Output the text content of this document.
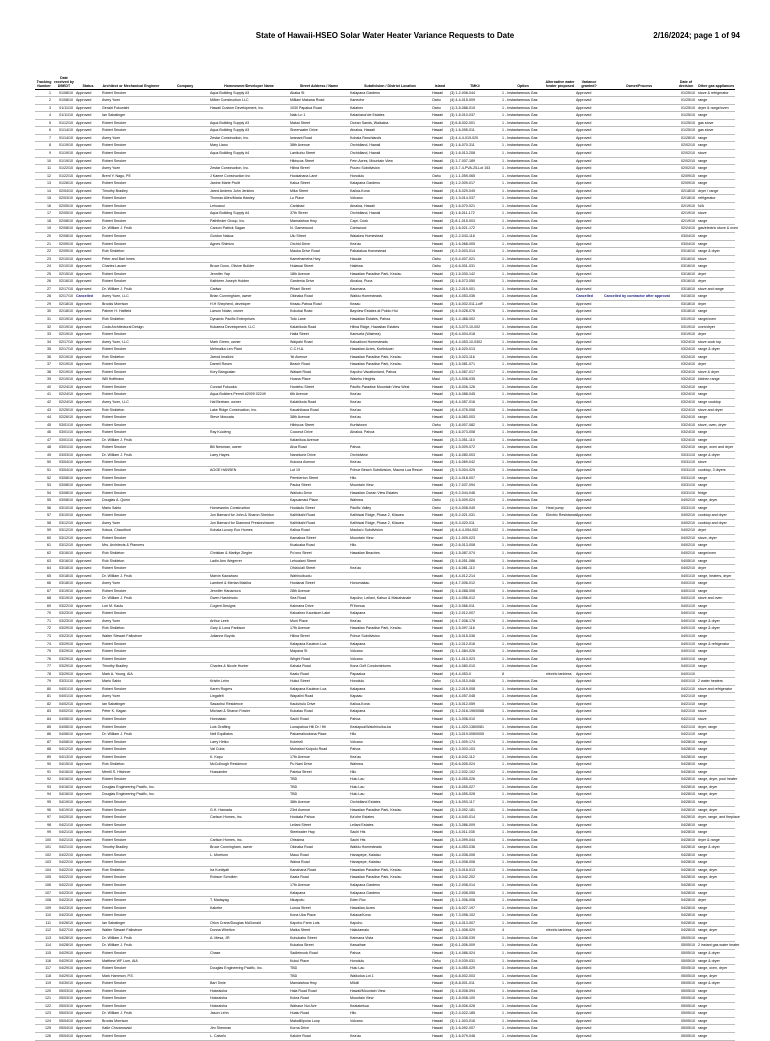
State of Hawaii-HSEO Solar Water Heater Variance Requests to Date	2/16/2024; page 1 of 94
Tracking Number	Date received by DBEDT	Status	Architect or Mechanical Engineer	Company	Homeowner/Developer Name	Street Address / Name	Subdivision / District Location	Island	TMK#	Option	Alternative water heater proposed	Variance granted?	Owner/Process	Date of decision	Other gas appliances
1	01/08/10	Approved	Robert Smoker		Aqua Building Supply #3	Akaka St	Kalapana Gardens	Hawaii	(3) 1-2-008-044	1 - Instantaneous Gas		Approved		01/25/10	stove & refrigerator
2	01/08/10	Approved	Avery Yuen		Milber Construction LLC	Mililani Makana Road	Kaneohe	Oahu	(4) 4-4-015-009	1 - Instantaneous Gas		Approved		01/25/10	range
3	01/11/10	Approved	Gerald Fukunishi		Hawaii Custom Development, Inc.	1030 Papalua Road	Kalaheo	Oahu	(1) 3-5-088-019	1 - Instantaneous Gas		Approved		01/25/10	dryer & range/oven
4	01/11/10	Approved	Ian Sabatinger			Nalu Ln 1	Kalaniana'ole Estates	Hawaii	(3) 1-5-010-037	1 - Instantaneous Gas		Approved		01/25/10	range
5	01/12/10	Approved	Robert Smoker		Aqua Building Supply #3	Makai Street	Ocean Sands, Waikaloa	Hawaii	(3) 6-8-002-001	1 - Instantaneous Gas		Approved		01/25/10	gas stove
6	01/14/10	Approved	Robert Smoker		Aqua Building Supply #3	Sheerwater Drive	Ainaloa, Hawaii	Hawaii	(3) 1-6-095-011	1 - Instantaneous Gas		Approved		01/25/10	gas stove
7	01/14/10	Approved	Avery Yuen		Zestar Construction, Inc.	Iwanani Road	Kohala Ranchlands	Hawaii	(3) 4-4-4-019-020	1 - Instantaneous Gas		Approved		01/28/10	range
8	01/19/10	Approved	Robert Smoker		Mary Llano	38th Avenue	Orchidland, Hawaii	Hawaii	(3) 1-6-070-311	1 - Instantaneous Gas		Approved		02/02/10	range
9	01/19/10	Approved	Robert Smoker		Aqua Building Supply #4	Lanikuhu Street	Orchidland, Hawaii	Hawaii	(3) 1-6-013-208	1 - Instantaneous Gas		Approved		02/02/10	stove
10	01/19/10	Approved	Robert Smoker			Hibiscus Street	Fern Acres, Mountain View	Hawaii	(3) 1-7-007-189	1 - Instantaneous Gas		Approved		02/02/10	range
11	01/22/10	Approved	Avery Yuen		Zestar Construction, Inc.	Hilina Street	Puueo Subdivision	Hawaii	(4) 3-7-4-PVA-25-Lot 153	1 - Instantaneous Gas		Approved		02/02/10	range
12	01/22/10	Approved	Brent Y. Nago, PE		J Kaene Construction Inc	Hookahana Lane	Honolulu	Oahu	(1) 1-1-059-065	1 - Instantaneous Gas		Approved		02/09/10	range
13	01/26/10	Approved	Robert Smoker		Janine Marie Pruitt	Kalua Street	Kalapana Gardens	Hawaii	(3) 1-2-009-017	1 - Instantaneous Gas		Approved		02/09/10	range
14	02/04/10	Approved	Timothy Bradley		Jared Andrew John Jenkins	Mika Street	Kailua-Kona	Hawaii	(3) 4-5-029-049	1 - Instantaneous Gas		Approved		02/18/10	dryer / range
15	02/03/10	Approved	Robert Smoker		Thomas Allen/Maria Hawley	Lu Place	Volcano	Hawaii	(3) 1-9-014-037	1 - Instantaneous Gas		Approved		02/18/10	refrigerator
16	02/05/10	Approved	Robert Smoker		Lehuanui	Carlsbad	Ainaloa, Hawaii	Hawaii	(3) 1-6-070-021	1 - Instantaneous Gas		Approved		02/19/10	N/A
17	02/05/10	Approved	Robert Smoker		Aqua Building Supply #4	37th Street	Orchidland, Hawaii	Hawaii	(3) 1-6-011-172	1 - Instantaneous Gas		Approved		02/19/10	stove
18	02/08/10	Approved	Robert Smoker		Pathfinder Group, Inc.	Mamalahoa Hwy	Capt. Cook	Hawaii	(3) 8-1-015-003	1 - Instantaneous Gas		Approved		02/19/10	range
19	02/08/10	Approved	Dr. William J. Fruik		Carson Patrick Sagan	N. Gamewood	Carnwood	Hawaii	(3) 1-6-021-172	1 - Instantaneous Gas		Approved		02/24/10	gas/electric stove & oven
20	02/08/10	Approved	Robert Smoker		Gordon Nakoa	Ulu Street	Waiakea Homestead	Hawaii	(3) 2-2-043-118	1 - Instantaneous Gas		Approved		03/04/10	range
21	02/09/10	Approved	Robert Smoker		Agnes Shimizu	Orchid Drive	Kea'au	Hawaii	(3) 1-6-068-005	1 - Instantaneous Gas		Approved		03/04/10	range
22	02/09/10	Approved	Rob Sinkleton			Mauka Drive Road	Pakalakua Homestead	Hawaii	(3) 2-5-003-014	1 - Instantaneous Gas		Approved		03/16/10	range & dryer
23	02/10/10	Approved	Peter and Bari Innes			Kamehameha Hwy	Hauula	Oahu	(1) 5-4-007-021	1 - Instantaneous Gas		Approved		03/16/10	stove
24	02/10/10	Approved	Charles Lauser		Bruce Dunn, Olivine Builder	Hulawai Street	Haleiwa	Oahu	(1) 6-6-001-031	1 - Instantaneous Gas		Approved		03/16/10	range
25	02/15/10	Approved	Robert Smoker		Jennifer Yap	18th Avenue	Hawaiian Paradise Park, Kea'au	Hawaii	(3) 1-5-030-142	1 - Instantaneous Gas		Approved		03/16/10	dryer
26	02/16/10	Approved	Robert Smoker		Kathleen Joseph Holden	Gardenia Drive	Ainaloa, Puna	Hawaii	(3) 1-6-073-050	1 - Instantaneous Gas		Approved		03/16/10	dryer
27	02/17/10	Approved	Dr. William J. Fruik		Cadwo	Pihani Street	Kaumana	Hawaii	(3) 1-2-019-001	1 - Instantaneous Gas		Approved		03/18/10	stove and range
28	02/17/10	Cancelled	Avery Yuen, LLC		Brian Cunningham, owner	Okinaka Road	Waikiu Homesteads	Hawaii	(4) 4-4-053-036	1 - Instantaneous Gas		Cancelled	Cancelled by contractor after approval	04/16/10	range
29	02/18/10	Approved	Brooks Morrison		H.H Shepherd, developer	Keaau-Pahoa Road	Keaau	Hawaii	(3) 1-6-002-011-LotF	1 - Instantaneous Gas		Approved		03/18/10	dryer
30	02/18/10	Approved	Palmer H. Hatfield		Larson Nolan, owner	Kokokai Road	Bayview Estates at Pololu Hui	Hawaii	(4) 4-9-028-076	1 - Instantaneous Gas		Approved		03/18/10	range
31	02/19/10	Approved	Rob Sinkleton		Dynamic Pacific Enterprises	Toto Lane	Hawaiian Estates, Pahoa	Hawaii	(3) 1-4-468-002	1 - Instantaneous Gas		Approved		03/19/10	range/oven
32	02/19/10	Approved	Coda Architectural Design		Kukaena Development, LLC	Kalahikola Road	Hilina Ridge, Hawaiian Estates	Hawaii	(4) 3-3-070-10-002	1 - Instantaneous Gas		Approved		03/19/10	oven/dryer
33	02/19/10	Approved	Robert Smoker			Halia Street	Kamuela (Waimea)	Hawaii	(3) 6-4-004-018	1 - Instantaneous Gas		Approved		03/19/10	dryer
34	02/17/10	Approved	Avery Yuen, LLC		Mark Green, owner	Waipahi Road	Kaloaikoni Homesteads	Hawaii	(4) 4-4-053-10-0302	1 - Instantaneous Gas		Approved		03/24/10	stove cook top
35	02/17/10	Approved	Robert Smoker		Mehealka Len Plant	C.C.H.A.	Hawaiian Acres, Kurtistown	Hawaii	(3) 1-6-020-013	1 - Instantaneous Gas		Approved		03/24/10	range & dryer
36	02/19/10	Approved	Rob Sinkleton		Jarrod Imaikini	'Iki Avenue	Hawaiian Paradise Park, Kea'au	Hawaii	(3) 1-5-023-116	1 - Instantaneous Gas		Approved		03/24/10	range
37	02/19/10	Approved	Robert Smoker		Darrell Rosen	Beach Road	Hawaiian Paradise Park, Kea'au	Hawaii	(3) 1-5-081-071	1 - Instantaneous Gas		Approved		03/24/10	dryer
38	02/19/10	Approved	Robert Smoker		Kory Bangcalan	Walawi Road	Kapoho Vacationland, Pahoa	Hawaii	(3) 1-4-087-017	1 - Instantaneous Gas		Approved		03/24/10	stove & dryer
39	02/19/10	Approved	Will Hoffmann			Hoana Place	Waiehu Heights	Maui	(2) 3-4-008-035	1 - Instantaneous Gas		Approved		03/24/10	kitchen range
40	02/24/10	Approved	Robert Smoker		Conrad Fukuoka	Hoolehu Street	Pacific Paradise Mountain View West	Hawaii	(3) 1-8-006-126	1 - Instantaneous Gas		Approved		03/24/10	range
41	02/24/10	Approved	Robert Smoker		Aqua Builders Permit #2009 02249	6th Avenue	Kea'au	Hawaii	(3) 1-6-088-045	1 - Instantaneous Gas		Approved		03/24/10	range
42	02/24/10	Approved	Avery Yuen, LLC		Hal Bertram, owner	Kalahikola Road	Kea'au	Hawaii	(4) 4-4-057-016	1 - Instantaneous Gas		Approved		03/24/10	range cooktop
43	02/25/10	Approved	Rob Sinkleton		Lake Ridge Construction, Inc.	Kauahikaua Road	Kea'au	Hawaii	(4) 4-4-076-008	1 - Instantaneous Gas		Approved		03/24/10	stove and dryer
44	02/26/10	Approved	Robert Smoker		Steve Moscata	38th Avenue	Kea'au	Hawaii	(3) 1-6-083-003	1 - Instantaneous Gas		Approved		03/24/10	range
45	03/01/10	Approved	Robert Smoker			Hibiscus Street	Kurtistown	Oahu	(3) 1-8-007-082	1 - Instantaneous Gas		Approved		03/24/10	stove, oven, dryer
46	03/01/10	Approved	Robert Smoker		Ray Kuuleng	Coconut Drive	Ainaloa, Pahoa	Hawaii	(3) 1-6-073-008	1 - Instantaneous Gas		Approved		03/24/10	range
47	03/01/10	Approved	Dr. William J. Fruik			Kalanikoa Avenue		Hawaii	(3) 2-3-051-110	1 - Instantaneous Gas		Approved		03/24/10	range
48	03/01/10	Approved	Robert Smoker		Bill Newman, owner	Alva Road	Pahoa	Hawaii	(3) 1-5-009-072	1 - Instantaneous Gas		Approved		03/24/10	range, oven and dryer
49	03/03/10	Approved	Dr. William J. Fruik		Larry Hayes	Nanekone Drive	Orchidview	Hawaii	(3) 1-6-080-003	1 - Instantaneous Gas		Approved		03/31/10	range & dryer
50	03/04/10	Approved	Robert Smoker			Kukona Avenue	Kea'au	Hawaii	(3) 1-6-069-042	1 - Instantaneous Gas		Approved		03/31/10	stove
51	03/04/10	Approved	Robert Smoker		AGGE HANSEN	Lot 19	Pohue Beach Subdivision, Mauna Loa Resort	Hawaii	(3) 1-9-004-025	1 - Instantaneous Gas		Approved		03/31/10	cooktop, 3 dryers
52	03/08/10	Approved	Robert Smoker			Pemberton Street	Hilo	Hawaii	(3) 2-4-018-007	1 - Instantaneous Gas		Approved		03/31/10	range
53	03/08/10	Approved	Robert Smoker			Pauka Street	Mountain View	Hawaii	(3) 1-7-037-094	1 - Instantaneous Gas		Approved		03/31/10	range
54	03/08/10	Approved	Robert Smoker			Wailuku Drive	Hawaiian Ocean View Estates	Hawaii	(3) 9-2-044-046	1 - Instantaneous Gas		Approved		03/31/10	fridge
55	03/08/10	Approved	Douglas A. Quinn			Kapuamaui Place	Waimea	Oahu	(1) 1-5-009-024	1 - Instantaneous Gas		Approved		04/02/10	range, dryer
56	03/10/10	Approved	Mario Sabio		Homeworks Construction	Hoolaulu Street	Pacific Valley	Oahu	(1) 9-4-008-049	1 - Instantaneous Gas	Heat pump	Approved		03/31/10	range
57	03/10/10	Approved	Robert Smoker		Jon Barnard for John & Sharon Sheldon	Kalihikahi Road	Kalihiwai Ridge, Phase 2, Kilauea	Hawaii	(4) 5-2-021-031	1 - Instantaneous Gas	Electric Resistance	Approved		04/02/10	cooktop and dryer
58	03/12/10	Approved	Avery Yuen		Jon Barnard for Diamond Preston/owner	Kalihikahi Road	Kalihiwai Ridge, Phase 2, Kilauea	Hawaii	(4) 5-3-020-011	1 - Instantaneous Gas		Approved		04/02/10	cooktop and dryer
59	03/12/10	Approved	Kokua, Chaudhuri		Kohala Luxury Eco Homes	Kailua Road	Mauka'o Subdivision	Hawaii	(4) 4-4-4-054-002	1 - Instantaneous Gas		Approved		04/02/10	dryer
60	03/12/10	Approved	Robert Smoker			Kamakoa Street	Mountain View	Hawaii	(3) 1-1-009-023	1 - Instantaneous Gas		Approved		04/02/10	stove, dryer
61	03/12/10	Approved	Mrs. Architects & Planners			Kualuaka Road	Hilo	Hawaii	(3) 2-6-013-008	1 - Instantaneous Gas		Approved		04/02/10	range
62	03/16/10	Approved	Rob Sinkleton		Christian & Marilyn Ziegler	Po'ono Street	Hawaiian Beaches	Hawaii	(3) 1-5-087-074	1 - Instantaneous Gas		Approved		04/02/10	range/oven
63	03/16/10	Approved	Rob Sinkleton		Ladin Ann Wegerrer	Lehualani Street		Hawaii	(3) 1-6-051-086	1 - Instantaneous Gas		Approved		04/05/10	range
64	03/18/10	Approved	Robert Smoker			Ohia'ulali Street	Kea'au	Hawaii	(3) 1-6-081-110	1 - Instantaneous Gas		Approved		04/02/10	dryer
65	03/18/10	Approved	Dr. William J. Fruik		Marvin Kawaharo	Wahinuikuolu		Hawaii	(4) 4-4-012-214	1 - Instantaneous Gas		Approved		04/01/10	range, heaters, dryer
66	03/18/10	Approved	Avery Yuen		Lambert & Merlan Makiha	Hoolanai Street	Honomakau	Hawaii	(4) 4-7-006-012	1 - Instantaneous Gas		Approved		04/01/10	range
67	03/19/10	Approved	Robert Smoker		Jennifer Hanamura	28th Avenue		Hawaii	(3) 1-6-088-006	1 - Instantaneous Gas		Approved		04/01/10	range
68	03/19/10	Approved	Dr. William J. Fruik		Gwen Hashimoto	Sea Road	Kapoho, Leilani, Kahuo & Makahanale	Hawaii	(3) 1-4-056-012	1 - Instantaneous Gas		Approved		04/01/10	stove and oven
69	03/22/10	Approved	Lori M. Kaulu		Cogent Designs	Kaimana Drive	Pi'ihonua	Hawaii	(3) 2-5-066-011	1 - Instantaneous Gas		Approved		04/01/10	range
70	03/23/10	Approved	Robert Smoker			Kaloaheo Kaunkum Lake	Kalapana	Hawaii	(3) 1-2-012-007	1 - Instantaneous Gas		Approved		04/01/10	range
71	03/23/10	Approved	Avery Yuen		Arthur Leeb	Muni Place	Kea'au	Hawaii	(4) 4-7-008-178	1 - Instantaneous Gas		Approved		04/01/10	range & dryer
72	03/29/10	Approved	Rob Sinkleton		Gary & Lona Parkison	17th Avenue	Hawaiian Paradise Park, Kea'au	Hawaii	(3) 1-5-097-116	1 - Instantaneous Gas		Approved		04/01/10	range & dryer
73	03/23/10	Approved	Walter Stewart Falkstrom		Julianne Boyda	Hilina Street	Pohue Subdivision	Hawaii	(3) 1-5-015-036	1 - Instantaneous Gas		Approved		04/01/10	range
74	03/29/10	Approved	Robert Smoker			Kalapana Kauleon Loa	Kalapana	Hawaii	(3) 1-2-012-016	1 - Instantaneous Gas		Approved		04/01/10	range & refrigerator
75	03/29/10	Approved	Robert Smoker			Mapana St	Volcano	Hawaii	(3) 1-1-084-026	1 - Instantaneous Gas		Approved		04/01/10	range
76	03/29/10	Approved	Robert Smoker			Wright Road	Volcano	Hawaii	(3) 1-1-013-023	1 - Instantaneous Gas		Approved		04/01/10	range
77	03/29/10	Approved	Timothy Bradley		Charles & Nicole Hunter	Kahala Road	Kona Golf Condominiums	Hawaii	(4) 4-4-080-010	1 - Instantaneous Gas		Approved		04/01/10	range
78	03/29/10	Approved	Mark A. Young, AIA			Kaalo Road	Papaaloa	Hawaii	(4) 4-4-053-0	8	electric tankless	Approved		04/01/10	
79	03/31/10	Approved	Mario Sabio		Kristin Lehn	Hukui Street	Honolulu	Oahu	(1) 3-4-010-048	1 - Instantaneous Gas		Approved		04/01/10	2 water heaters
80	04/01/10	Approved	Robert Smoker		Karen Rogers	Kalapana Kauleon Loa	Kalapana	Hawaii	(3) 1-2-019-008	1 - Instantaneous Gas		Approved		04/21/10	stove and refrigerator
81	04/01/10	Approved	Avery Yuen		Lingafelt	Wapalini Road	Kapaau	Hawaii	(4) 4-4-057-048	1 - Instantaneous Gas		Approved		04/21/10	range
82	04/02/10	Approved	Ian Sabatinger		Sasaohui Residence	Kauluhulu Drive	Kailua-Kona	Hawaii	(3) 1-5-012-059	1 - Instantaneous Gas		Approved		04/21/10	range
83	04/02/10	Approved	Peter K. Kagan		Michael & Sharon Fowler	Kukalau Road	Kalapana	Hawaii	(3) 1-2-018-196/0088	1 - Instantaneous Gas		Approved		04/21/10	stove
84	04/06/10	Approved	Robert Smoker		Honnakan	Sachi Road	Pahoa	Hawaii	(3) 1-3-008-010	1 - Instantaneous Gas		Approved		04/21/10	stove
85	04/06/10	Approved	Robert Smoker		Luis Grafting	Lunapahoa Hill Dr / Hil	Kealapua/Waiohinu/ka-ka	Hawaii	(3) 1-1-020-138/0081	1 - Instantaneous Gas		Approved		04/21/10	dryer, range
86	04/06/10	Approved	Dr. William J. Fruik		Neil Equillatos	Pakamaliookana Place	Hilo	Hawaii	(3) 1-3-019-008/0005	1 - Instantaneous Gas		Approved		04/21/10	range
87	04/08/10	Approved	Robert Smoker		Larry Hirtko	Koleheli	Volcano	Hawaii	(3) 1-1-009-174	1 - Instantaneous Gas		Approved		04/28/10	range
88	04/12/10	Approved	Robert Smoker		Val Cuba	Mohalani Kulpolu Road	Pahoa	Hawaii	(3) 1-3-003-103	1 - Instantaneous Gas		Approved		04/28/10	range
89	04/13/10	Approved	Robert Smoker		K. Kapu	17th Avenue	Kea'au	Hawaii	(3) 1-6-042-112	1 - Instantaneous Gas		Approved		04/28/10	range
90	04/15/10	Approved	Rob Sinkleton		McCullough Residence	Pu Nani Drive	Waimea	Hawaii	(3) 6-6-005-024	1 - Instantaneous Gas		Approved		04/28/10	range
91	04/16/10	Approved	Merrill S. Hitchner		Hussander	Paleka Street	Hilo	Hawaii	(3) 2-2-032-102	1 - Instantaneous Gas		Approved		04/28/10	range
92	04/16/10	Approved	Robert Smoker			TBD	Hulu Lau	Hawaii	(3) 1-6-055-026	1 - Instantaneous Gas		Approved		04/28/10	range, dryer, pool heater
93	04/16/10	Approved	Douglas Engineering Pacific, Inc.			TBD	Hulu Lau	Hawaii	(3) 1-6-055-027	1 - Instantaneous Gas		Approved		04/28/10	range, dryer
94	04/16/10	Approved	Douglas Engineering Pacific, Inc.			TBD	Hulu Lau	Hawaii	(3) 1-6-055-028	1 - Instantaneous Gas		Approved		04/28/10	range, dryer
95	04/19/10	Approved	Robert Smoker			38th Avenue	Orchidland Estates	Hawaii	(3) 1-6-093-117	1 - Instantaneous Gas		Approved		04/28/10	range
96	04/19/10	Approved	Robert Smoker		G.H. Hamada	23rd Avenue	Hawaiian Paradise Park, Kea'au	Hawaii	(3) 1-5-092-181	1 - Instantaneous Gas		Approved		04/28/10	range, dryer
97	04/20/10	Approved	Robert Smoker		Carlson Homes, Inc.	Hookala Pahoa	Ka'ohe Estates	Hawaii	(3) 1-4-040-014	1 - Instantaneous Gas		Approved		04/28/10	dryer, range, and fireplace
98	04/21/10	Approved	Robert Smoker			Leilani Street	Leilani Estates	Hawaii	(3) 1-3-086-009	1 - Instantaneous Gas		Approved		04/28/10	range
99	04/21/10	Approved	Robert Smoker			Steelwater Hwy	Sachi Hts	Hawaii	(3) 1-4-011-035	1 - Instantaneous Gas		Approved		04/28/10	range
100	04/21/10	Approved	Robert Smoker		Carlson Homes, Inc.	Orissima	Sachi Hts	Hawaii	(3) 1-4-099-044	1 - Instantaneous Gas		Approved		04/28/10	dryer & range
101	04/21/10	Approved	Timothy Bradley		Bruce Cunningham, owner	Okinaka Road	Waikiu Homesteads	Hawaii	(4) 4-4-053-036	1 - Instantaneous Gas		Approved		04/28/10	range & dryer
102	04/22/10	Approved	Robert Smoker		L. Morrison	Mauu Road	Hanapepe, Kalalau	Hawaii	(3) 1-4-008-006	1 - Instantaneous Gas		Approved		04/28/10	range
103	04/22/10	Approved	Robert Smoker			Waina Road	Hanapepe, Kalalau	Hawaii	(3) 1-4-008-008	1 - Instantaneous Gas		Approved		04/28/10	range
104	04/22/10	Approved	Rob Sinkleton		Ira Kuntiyati	Kanahana Road	Hawaiian Paradise Park, Kea'au	Hawaii	(3) 1-5-018-013	1 - Instantaneous Gas		Approved		04/28/10	range, dryer
105	04/22/10	Approved	Robert Smoker		Robson Scholten	Kaala Road	Hawaiian Paradise Park, Kea'au	Hawaii	(3) 1-5-042-202	1 - Instantaneous Gas		Approved		04/28/10	range, dryer
106	04/22/10	Approved	Robert Smoker			17th Avenue	Kalapana Gardens	Hawaii	(3) 1-2-008-014	1 - Instantaneous Gas		Approved		04/28/10	range
107	04/23/10	Approved	Robert Smoker			Kalapana	Kalapana Gardens	Hawaii	(3) 1-2-008-055	1 - Instantaneous Gas		Approved		04/28/10	range
108	04/23/10	Approved	Robert Smoker		T. Madayag	Niuapotu	Eden Roc	Hawaii	(3) 1-1-006-008	1 - Instantaneous Gas		Approved		04/28/10	dryer
109	04/23/10	Approved	Robert Smoker		Kakebe	Lunua Street	Hawaiian Acres	Hawaii	(3) 1-6-027-197	1 - Instantaneous Gas		Approved		04/28/10	range
110	04/23/10	Approved	Robert Smoker			Kona Uka Place	Kalaoa/Kona	Hawaii	(3) 7-3-098-102	1 - Instantaneous Gas		Approved		04/28/10	range
111	04/26/10	Approved	Ian Sabatinger		Orion Crane/Douglas McDonald	Kapoho Farm Lots	Kapoho	Hawaii	(3) 1-4-013-007	1 - Instantaneous Gas		Approved		04/28/10	range
112	04/27/10	Approved	Walter Stewart Falkstrom		Donna Whelton	Maika Street	Hakulamalu	Hawaii	(3) 1-1-008-029	4	electric tankless	Approved		04/28/10	range, dryer
113	04/28/10	Approved	Dr. William J. Fruik		A. Mesa, JR	Kuhukahu Street	Kaimana Vista	Hawaii	(3) 1-5-038-039	1 - Instantaneous Gas		Approved		05/05/10	range
114	04/28/10	Approved	Dr. William J. Fruik			Kukaloa Street	Kawaihae	Hawaii	(3) 6-1-006-009	1 - Instantaneous Gas		Approved		05/05/10	2 instant gas water heater
115	04/29/10	Approved	Robert Smoker		Chase	Sadlebrook Road	Pahoa	Hawaii	(3) 1-4-086-024	1 - Instantaneous Gas		Approved		05/05/10	range & dryer
116	04/29/10	Approved	Matthew WF Lum, AIA			Kukui Place	Honolulu	Oahu	(1) 2-9-039-031	1 - Instantaneous Gas		Approved		05/05/10	range & dryer
117	04/29/10	Approved	Robert Smoker		Douglas Engineering Pacific, Inc.	TBD	Hulu Lau	Hawaii	(3) 1-6-055-029	1 - Instantaneous Gas		Approved		05/05/10	range, oven, dryer
118	04/29/10	Approved	Mark Hammon, P.E.			TBD	Waikoloa Lot 1	Hawaii	(3) 6-8-002-003	1 - Instantaneous Gas		Approved		05/05/10	range, dryer
119	04/30/10	Approved	Robert Smoker		Bart Smie	Mamalahoa Hwy	Milolii	Hawaii	(3) 8-8-001-011	1 - Instantaneous Gas		Approved		05/05/10	range & dryer
120	05/03/10	Approved	Robert Smoker		Hokealoha	Hala Road Road	Hawaii/Mountain View	Hawaii	(3) 1-8-008-094	1 - Instantaneous Gas		Approved		05/05/10	range
121	05/03/10	Approved	Robert Smoker		Hokealoha	Kolea Road	Mountain View	Hawaii	(3) 1-8-008-100	1 - Instantaneous Gas		Approved		05/05/10	range
122	05/03/10	Approved	Robert Smoker		Hokealoha	Wahaue Nui Ave	Kealakekua	Hawaii	(3) 1-8-006-028	1 - Instantaneous Gas		Approved		05/05/10	range
123	05/03/10	Approved	Dr. William J. Fruik		Jason Lehn	Hualu Road	Hilo	Hawaii	(3) 2-4-022-185	1 - Instantaneous Gas		Approved		05/05/10	range
124	05/04/10	Approved	Brooks Morrison			Makaliilipuna Loop	Volcano	Hawaii	(3) 1-1-003-016	1 - Instantaneous Gas		Approved		05/05/10	range
125	05/04/10	Approved	Katie Chrzanowski		Jim Sherman	Korna Drive		Hawaii	(3) 1-6-092-007	1 - Instantaneous Gas		Approved		05/05/10	range
126	05/04/10	Approved	Robert Smoker		L. Calvelo	Kalohe Road	Kea'au	Hawaii	(3) 1-6-079-048	1 - Instantaneous Gas		Approved		05/05/10	range
